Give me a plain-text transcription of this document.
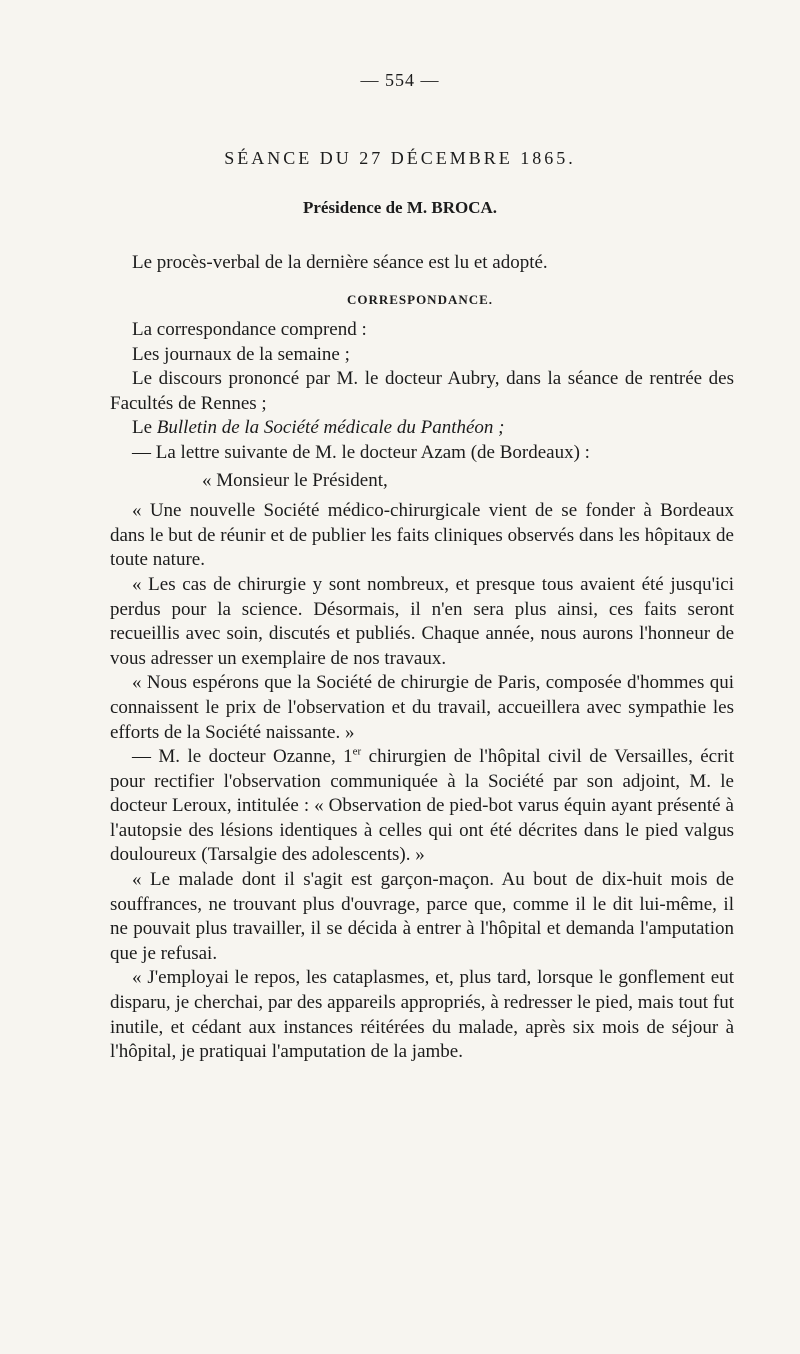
— 554 —
SÉANCE DU 27 DÉCEMBRE 1865.
Présidence de M. BROCA.
Le procès-verbal de la dernière séance est lu et adopté.
CORRESPONDANCE.

La correspondance comprend :

Les journaux de la semaine ;

Le discours prononcé par M. le docteur Aubry, dans la séance de rentrée des Facultés de Rennes ;

Le Bulletin de la Société médicale du Panthéon ;

— La lettre suivante de M. le docteur Azam (de Bordeaux) :

« Monsieur le Président,

« Une nouvelle Société médico-chirurgicale vient de se fonder à Bordeaux dans le but de réunir et de publier les faits cliniques observés dans les hôpitaux de toute nature.

« Les cas de chirurgie y sont nombreux, et presque tous avaient été jusqu'ici perdus pour la science. Désormais, il n'en sera plus ainsi, ces faits seront recueillis avec soin, discutés et publiés. Chaque année, nous aurons l'honneur de vous adresser un exemplaire de nos travaux.

« Nous espérons que la Société de chirurgie de Paris, composée d'hommes qui connaissent le prix de l'observation et du travail, accueillera avec sympathie les efforts de la Société naissante. »

— M. le docteur Ozanne, 1er chirurgien de l'hôpital civil de Versailles, écrit pour rectifier l'observation communiquée à la Société par son adjoint, M. le docteur Leroux, intitulée : « Observation de pied-bot varus équin ayant présenté à l'autopsie des lésions identiques à celles qui ont été décrites dans le pied valgus douloureux (Tarsalgie des adolescents). »

« Le malade dont il s'agit est garçon-maçon. Au bout de dix-huit mois de souffrances, ne trouvant plus d'ouvrage, parce que, comme il le dit lui-même, il ne pouvait plus travailler, il se décida à entrer à l'hôpital et demanda l'amputation que je refusai.

« J'employai le repos, les cataplasmes, et, plus tard, lorsque le gonflement eut disparu, je cherchai, par des appareils appropriés, à redresser le pied, mais tout fut inutile, et cédant aux instances réitérées du malade, après six mois de séjour à l'hôpital, je pratiquai l'amputation de la jambe.
